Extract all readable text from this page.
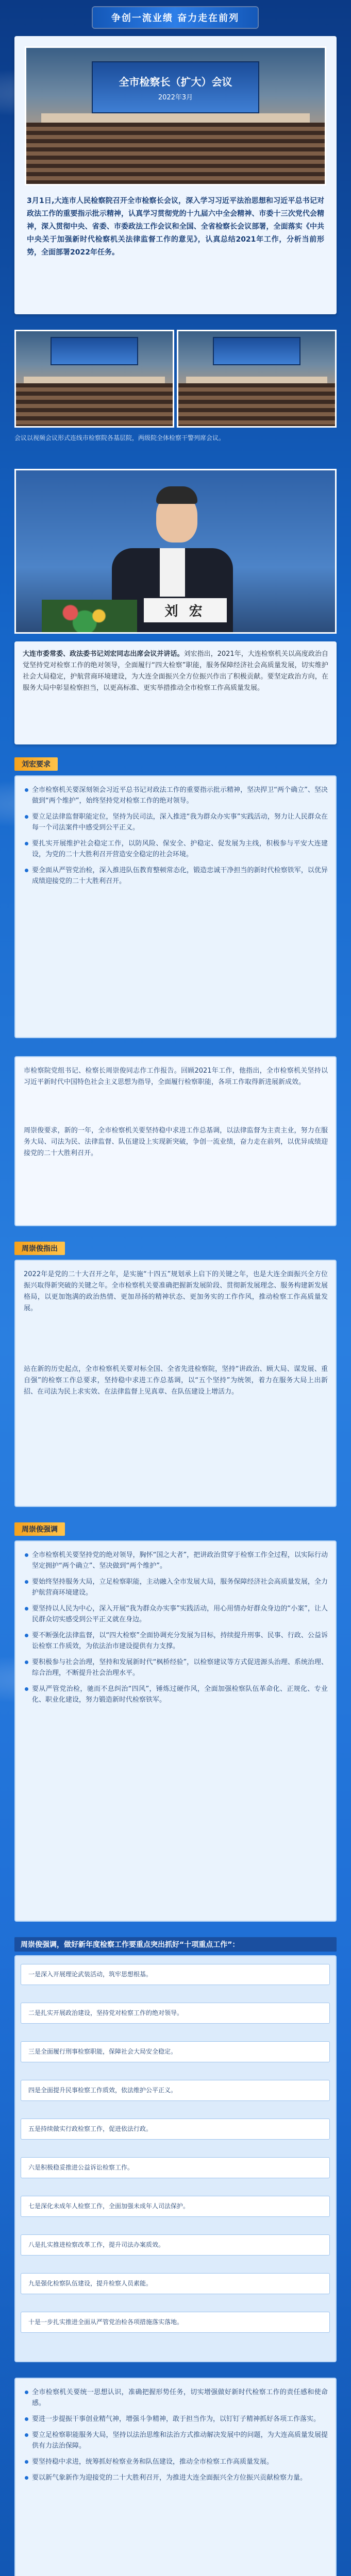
争创一流业绩 奋力走在前列
全市检察长（扩大）会议
2022年3月
3月1日,大连市人民检察院召开全市检察长会议，深入学习习近平法治思想和习近平总书记对政法工作的重要指示批示精神，认真学习贯彻党的十九届六中全会精神、市委十三次党代会精神，深入贯彻中央、省委、市委政法工作会议和全国、全省检察长会议部署，全面落实《中共中央关于加强新时代检察机关法律监督工作的意见》，认真总结2021年工作，分析当前形势，全面部署2022年任务。
会议以视频会议形式连线市检察院各基层院，两级院全体检察干警列席会议。
刘 宏
大连市委常委、政法委书记刘宏同志出席会议并讲话。刘宏指出，2021年，大连检察机关以高度政治自觉坚持党对检察工作的绝对领导，全面履行“四大检察”职能，服务保障经济社会高质量发展，切实维护社会大局稳定，护航营商环境建设，为大连全面振兴全方位振兴作出了积极贡献。要坚定政治方向，在服务大局中彰显检察担当，以更高标准、更实举措推动全市检察工作高质量发展。
刘宏要求
全市检察机关要深刻领会习近平总书记对政法工作的重要指示批示精神，坚决捍卫“两个确立”、坚决做到“两个维护”，始终坚持党对检察工作的绝对领导。
要立足法律监督职能定位，坚持为民司法，深入推进“我为群众办实事”实践活动，努力让人民群众在每一个司法案件中感受到公平正义。
要扎实开展维护社会稳定工作，以防风险、保安全、护稳定、促发展为主线，积极参与平安大连建设，为党的二十大胜利召开营造安全稳定的社会环境。
要全面从严管党治检，深入推进队伍教育整顿常态化，锻造忠诚干净担当的新时代检察铁军，以优异成绩迎接党的二十大胜利召开。
市检察院党组书记、检察长周崇俊同志作工作报告。回顾2021年工作，他指出，全市检察机关坚持以习近平新时代中国特色社会主义思想为指导，全面履行检察职能，各项工作取得新进展新成效。
周崇俊要求，新的一年，全市检察机关要坚持稳中求进工作总基调，以法律监督为主责主业，努力在服务大局、司法为民、法律监督、队伍建设上实现新突破，争创一流业绩，奋力走在前列，以优异成绩迎接党的二十大胜利召开。
周崇俊指出
2022年是党的二十大召开之年，是实施“十四五”规划承上启下的关键之年，也是大连全面振兴全方位振兴取得新突破的关键之年。全市检察机关要准确把握新发展阶段、贯彻新发展理念、服务构建新发展格局，以更加饱满的政治热情、更加昂扬的精神状态、更加务实的工作作风，推动检察工作高质量发展。
站在新的历史起点，全市检察机关要对标全国、全省先进检察院，坚持“讲政治、顾大局、谋发展、重自强”的检察工作总要求，坚持稳中求进工作总基调，以“五个坚持”为统领，着力在服务大局上出新招、在司法为民上求实效、在法律监督上见真章、在队伍建设上增活力。
周崇俊强调
全市检察机关要坚持党的绝对领导，胸怀“国之大者”，把讲政治贯穿于检察工作全过程，以实际行动坚定拥护“两个确立”、坚决做到“两个维护”。
要始终坚持服务大局，立足检察职能，主动融入全市发展大局，服务保障经济社会高质量发展，全力护航营商环境建设。
要坚持以人民为中心，深入开展“我为群众办实事”实践活动，用心用情办好群众身边的“小案”，让人民群众切实感受到公平正义就在身边。
要不断强化法律监督，以“四大检察”全面协调充分发展为目标，持续提升刑事、民事、行政、公益诉讼检察工作质效，为依法治市建设提供有力支撑。
要积极参与社会治理，坚持和发展新时代“枫桥经验”，以检察建议等方式促进源头治理、系统治理、综合治理，不断提升社会治理水平。
要从严管党治检，驰而不息纠治“四风”，锤炼过硬作风，全面加强检察队伍革命化、正规化、专业化、职业化建设，努力锻造新时代检察铁军。
周崇俊强调，做好新年度检察工作要重点突出抓好“十项重点工作”：
一是深入开展理论武装活动，筑牢思想根基。
二是扎实开展政治建设，坚持党对检察工作的绝对领导。
三是全面履行刑事检察职能，保障社会大局安全稳定。
四是全面提升民事检察工作质效，依法维护公平正义。
五是持续做实行政检察工作，促进依法行政。
六是积极稳妥推进公益诉讼检察工作。
七是深化未成年人检察工作，全面加强未成年人司法保护。
八是扎实推进检察改革工作，提升司法办案质效。
九是强化检察队伍建设，提升检察人员素能。
十是一步扎实推进全面从严管党治检各项措施落实落地。
全市检察机关要统一思想认识，准确把握形势任务，切实增强做好新时代检察工作的责任感和使命感。
要进一步提振干事创业精气神，增强斗争精神，敢于担当作为，以钉钉子精神抓好各项工作落实。
要立足检察职能服务大局，坚持以法治思维和法治方式推动解决发展中的问题，为大连高质量发展提供有力法治保障。
要坚持稳中求进，统筹抓好检察业务和队伍建设，推动全市检察工作高质量发展。
要以新气象新作为迎接党的二十大胜利召开，为推进大连全面振兴全方位振兴贡献检察力量。
